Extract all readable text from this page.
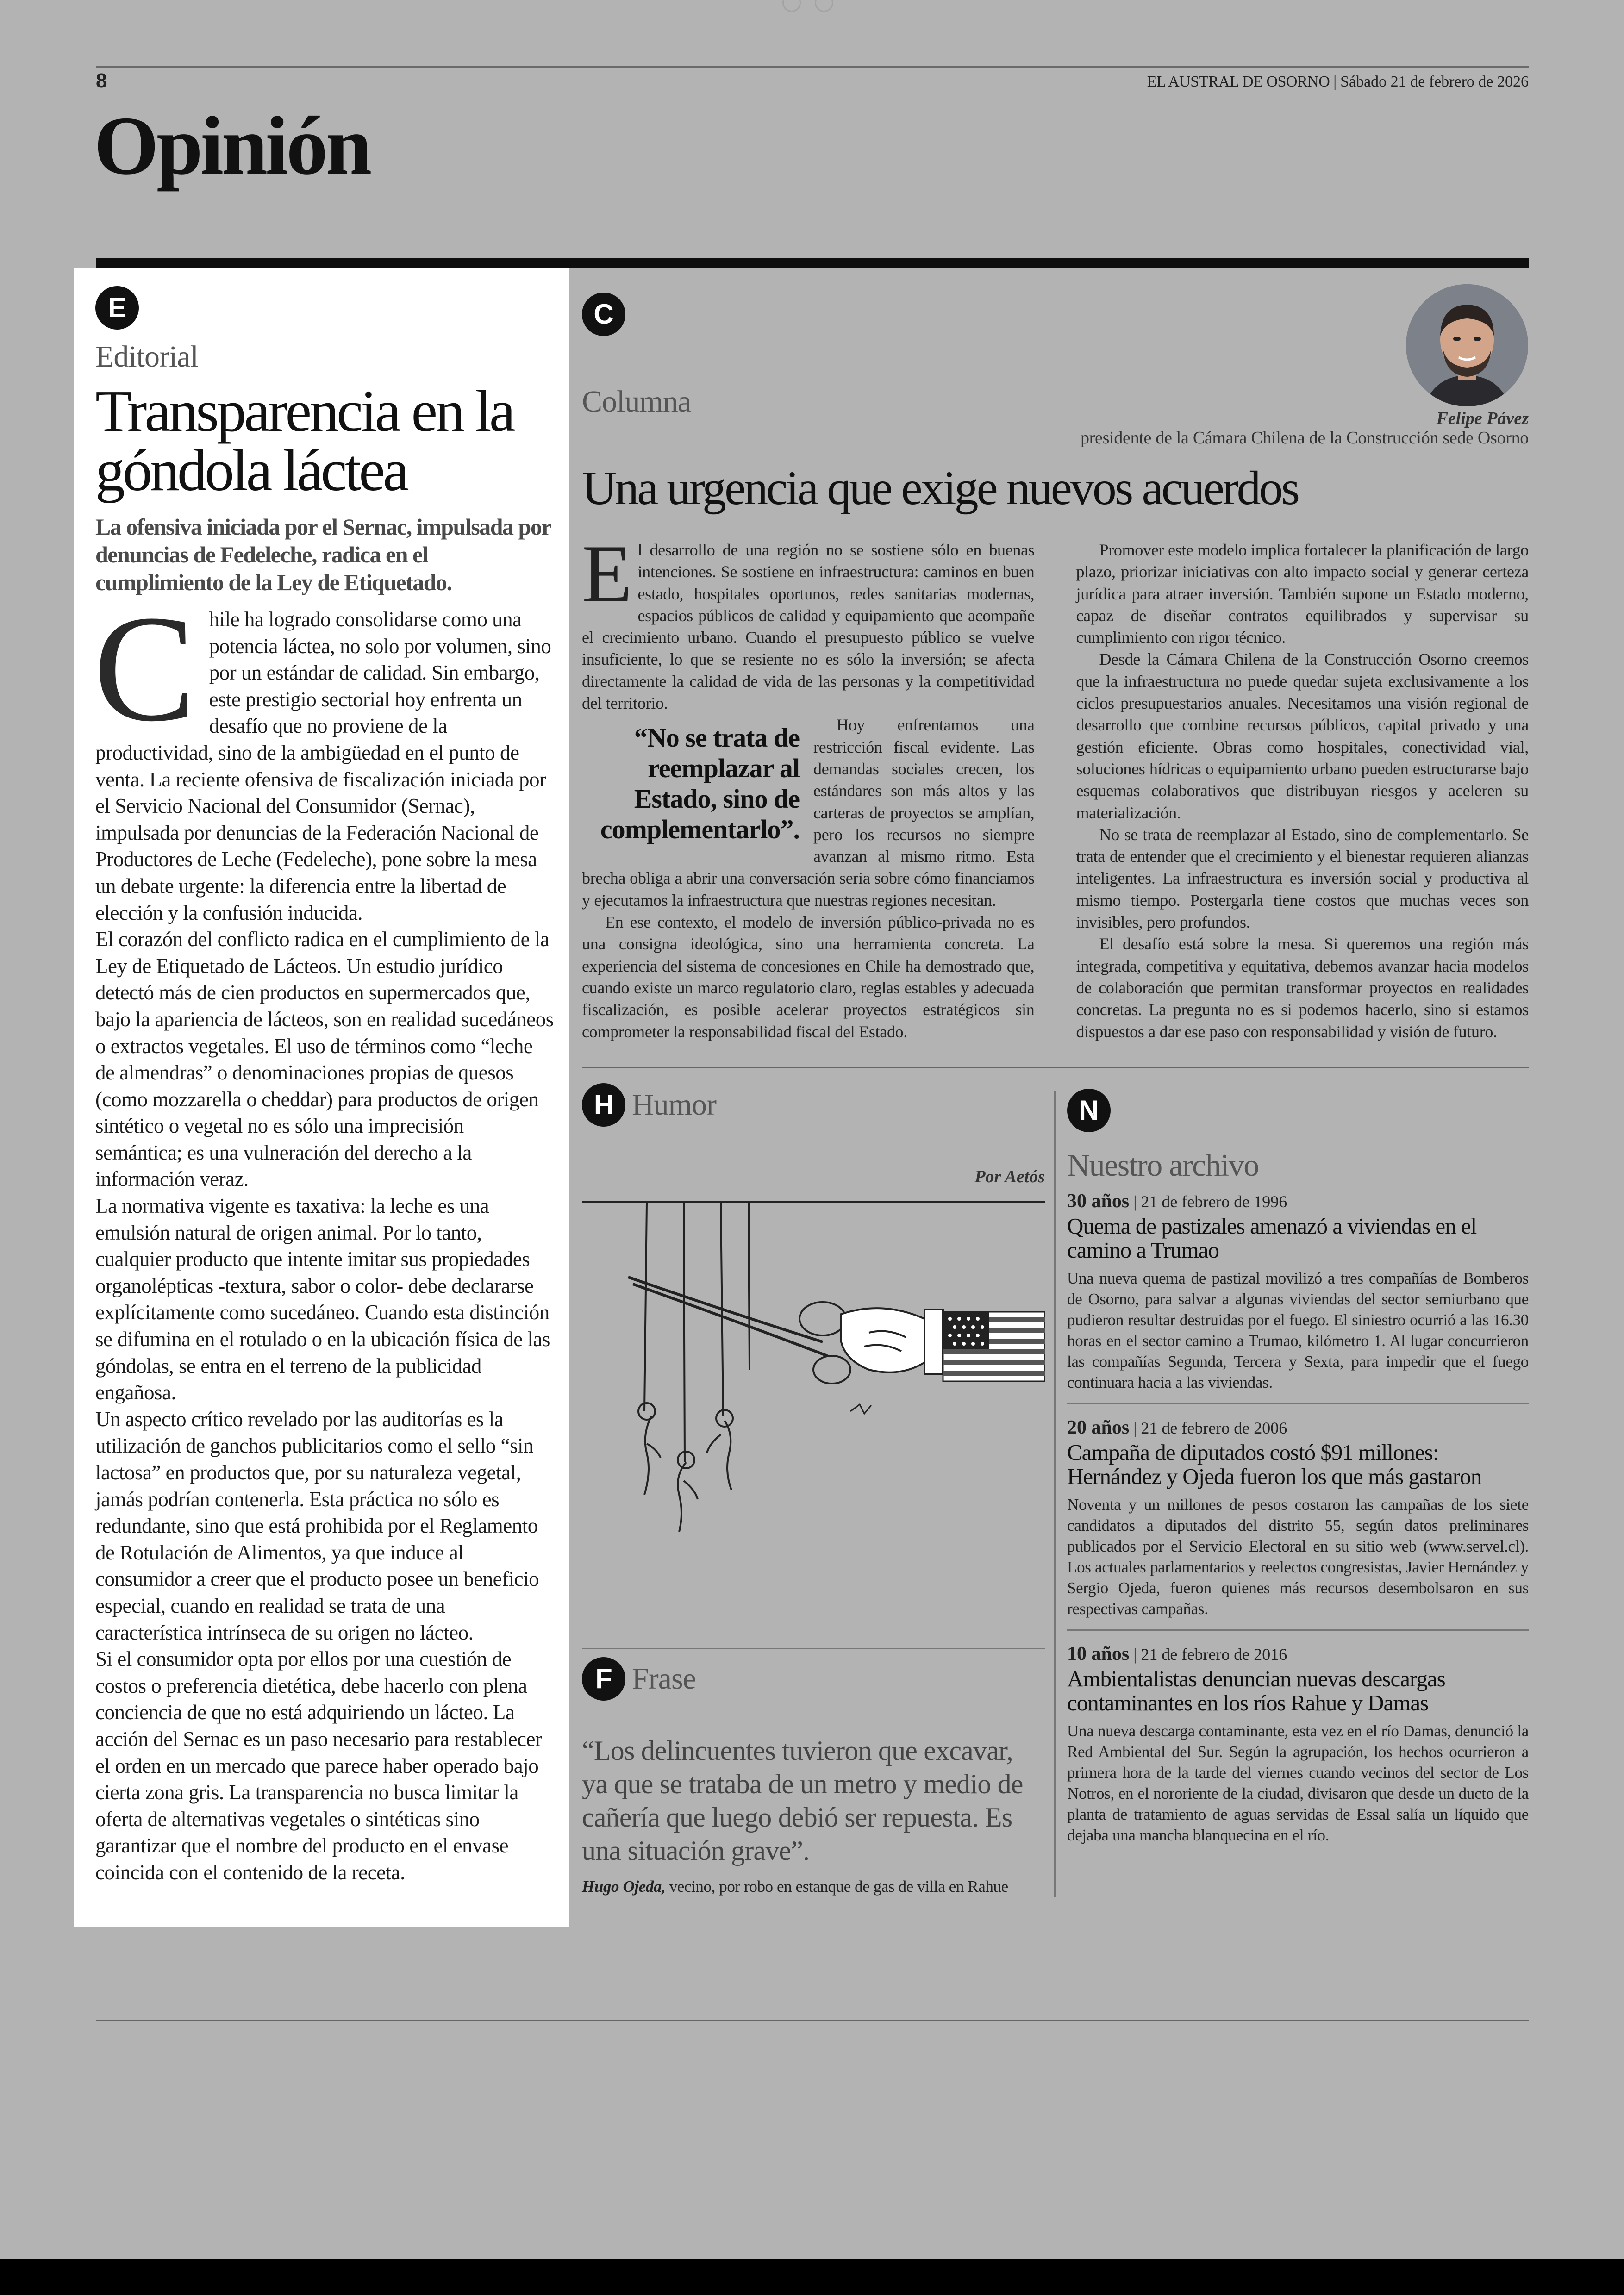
8	EL AUSTRAL DE OSORNO | Sábado 21 de febrero de 2026
Opinión
E
Editorial
Transparencia en la góndola láctea
La ofensiva iniciada por el Sernac, impulsada por denuncias de Fedeleche, radica en el cumplimiento de la Ley de Etiquetado.

Chile ha logrado consolidarse como una potencia láctea, no solo por volumen, sino por un estándar de calidad. Sin embargo, este prestigio sectorial hoy enfrenta un desafío que no proviene de la productividad, sino de la ambigüedad en el punto de venta. La reciente ofensiva de fiscalización iniciada por el Servicio Nacional del Consumidor (Sernac), impulsada por denuncias de la Federación Nacional de Productores de Leche (Fedeleche), pone sobre la mesa un debate urgente: la diferencia entre la libertad de elección y la confusión inducida.

El corazón del conflicto radica en el cumplimiento de la Ley de Etiquetado de Lácteos. Un estudio jurídico detectó más de cien productos en supermercados que, bajo la apariencia de lácteos, son en realidad sucedáneos o extractos vegetales. El uso de términos como “leche de almendras” o denominaciones propias de quesos (como mozzarella o cheddar) para productos de origen sintético o vegetal no es sólo una imprecisión semántica; es una vulneración del derecho a la información veraz.

La normativa vigente es taxativa: la leche es una emulsión natural de origen animal. Por lo tanto, cualquier producto que intente imitar sus propiedades organolépticas -textura, sabor o color- debe declararse explícitamente como sucedáneo. Cuando esta distinción se difumina en el rotulado o en la ubicación física de las góndolas, se entra en el terreno de la publicidad engañosa.

Un aspecto crítico revelado por las auditorías es la utilización de ganchos publicitarios como el sello “sin lactosa” en productos que, por su naturaleza vegetal, jamás podrían contenerla. Esta práctica no sólo es redundante, sino que está prohibida por el Reglamento de Rotulación de Alimentos, ya que induce al consumidor a creer que el producto posee un beneficio especial, cuando en realidad se trata de una característica intrínseca de su origen no lácteo.

Si el consumidor opta por ellos por una cuestión de costos o preferencia dietética, debe hacerlo con plena conciencia de que no está adquiriendo un lácteo. La acción del Sernac es un paso necesario para restablecer el orden en un mercado que parece haber operado bajo cierta zona gris. La transparencia no busca limitar la oferta de alternativas vegetales o sintéticas sino garantizar que el nombre del producto en el envase coincida con el contenido de la receta.

C
Columna	Felipe Pávez
presidente de la Cámara Chilena de la Construcción sede Osorno
Una urgencia que exige nuevos acuerdos

El desarrollo de una región no se sostiene sólo en buenas intenciones. Se sostiene en infraestructura: caminos en buen estado, hospitales oportunos, redes sanitarias modernas, espacios públicos de calidad y equipamiento que acompañe el crecimiento urbano. Cuando el presupuesto público se vuelve insuficiente, lo que se resiente no es sólo la inversión; se afecta directamente la calidad de vida de las personas y la competitividad del territorio.

“No se trata de reemplazar al Estado, sino de complementarlo”.

Hoy enfrentamos una restricción fiscal evidente. Las demandas sociales crecen, los estándares son más altos y las carteras de proyectos se amplían, pero los recursos no siempre avanzan al mismo ritmo. Esta brecha obliga a abrir una conversación seria sobre cómo financiamos y ejecutamos la infraestructura que nuestras regiones necesitan.

En ese contexto, el modelo de inversión público-privada no es una consigna ideológica, sino una herramienta concreta. La experiencia del sistema de concesiones en Chile ha demostrado que, cuando existe un marco regulatorio claro, reglas estables y adecuada fiscalización, es posible acelerar proyectos estratégicos sin comprometer la responsabilidad fiscal del Estado.

Promover este modelo implica fortalecer la planificación de largo plazo, priorizar iniciativas con alto impacto social y generar certeza jurídica para atraer inversión. También supone un Estado moderno, capaz de diseñar contratos equilibrados y supervisar su cumplimiento con rigor técnico.

Desde la Cámara Chilena de la Construcción Osorno creemos que la infraestructura no puede quedar sujeta exclusivamente a los ciclos presupuestarios anuales. Necesitamos una visión regional de desarrollo que combine recursos públicos, capital privado y una gestión eficiente. Obras como hospitales, conectividad vial, soluciones hídricas o equipamiento urbano pueden estructurarse bajo esquemas colaborativos que distribuyan riesgos y aceleren su materialización.

No se trata de reemplazar al Estado, sino de complementarlo. Se trata de entender que el crecimiento y el bienestar requieren alianzas inteligentes. La infraestructura es inversión social y productiva al mismo tiempo. Postergarla tiene costos que muchas veces son invisibles, pero profundos.

El desafío está sobre la mesa. Si queremos una región más integrada, competitiva y equitativa, debemos avanzar hacia modelos de colaboración que permitan transformar proyectos en realidades concretas. La pregunta no es si podemos hacerlo, sino si estamos dispuestos a dar ese paso con responsabilidad y visión de futuro.

H Humor
Por Aetós
F Frase
“Los delincuentes tuvieron que excavar, ya que se trataba de un metro y medio de cañería que luego debió ser repuesta. Es una situación grave”.
Hugo Ojeda, vecino, por robo en estanque de gas de villa en Rahue
N
Nuestro archivo
30 años | 21 de febrero de 1996
Quema de pastizales amenazó a viviendas en el camino a Trumao
Una nueva quema de pastizal movilizó a tres compañías de Bomberos de Osorno, para salvar a algunas viviendas del sector semiurbano que pudieron resultar destruidas por el fuego. El siniestro ocurrió a las 16.30 horas en el sector camino a Trumao, kilómetro 1. Al lugar concurrieron las compañías Segunda, Tercera y Sexta, para impedir que el fuego continuara hacia a las viviendas.
20 años | 21 de febrero de 2006
Campaña de diputados costó $91 millones: Hernández y Ojeda fueron los que más gastaron
Noventa y un millones de pesos costaron las campañas de los siete candidatos a diputados del distrito 55, según datos preliminares publicados por el Servicio Electoral en su sitio web (www.servel.cl). Los actuales parlamentarios y reelectos congresistas, Javier Hernández y Sergio Ojeda, fueron quienes más recursos desembolsaron en sus respectivas campañas.
10 años | 21 de febrero de 2016
Ambientalistas denuncian nuevas descargas contaminantes en los ríos Rahue y Damas
Una nueva descarga contaminante, esta vez en el río Damas, denunció la Red Ambiental del Sur. Según la agrupación, los hechos ocurrieron a primera hora de la tarde del viernes cuando vecinos del sector de Los Notros, en el nororiente de la ciudad, divisaron que desde un ducto de la planta de tratamiento de aguas servidas de Essal salía un líquido que dejaba una mancha blanquecina en el río.
